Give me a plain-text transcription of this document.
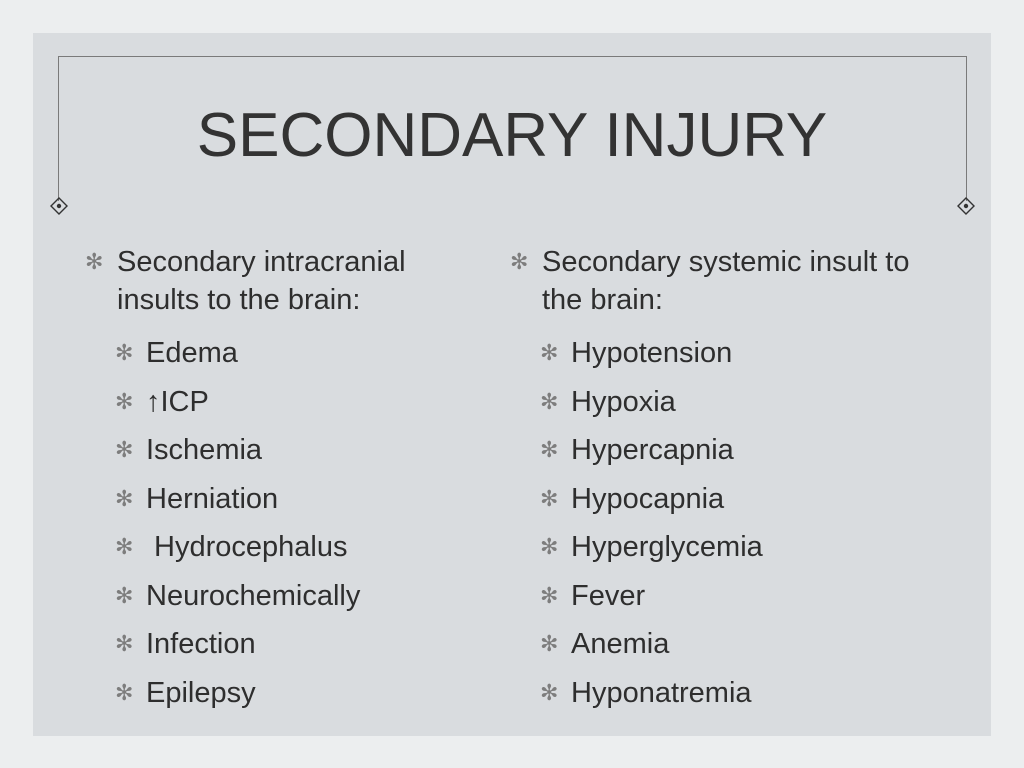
SECONDARY INJURY
✻ Secondary intracranial insults to the brain:
✻ Edema
✻ ↑ICP
✻ Ischemia
✻ Herniation
✻ Hydrocephalus
✻ Neurochemically
✻ Infection
✻ Epilepsy
✻ Secondary systemic insult to the brain:
✻ Hypotension
✻ Hypoxia
✻ Hypercapnia
✻ Hypocapnia
✻ Hyperglycemia
✻ Fever
✻ Anemia
✻ Hyponatremia
